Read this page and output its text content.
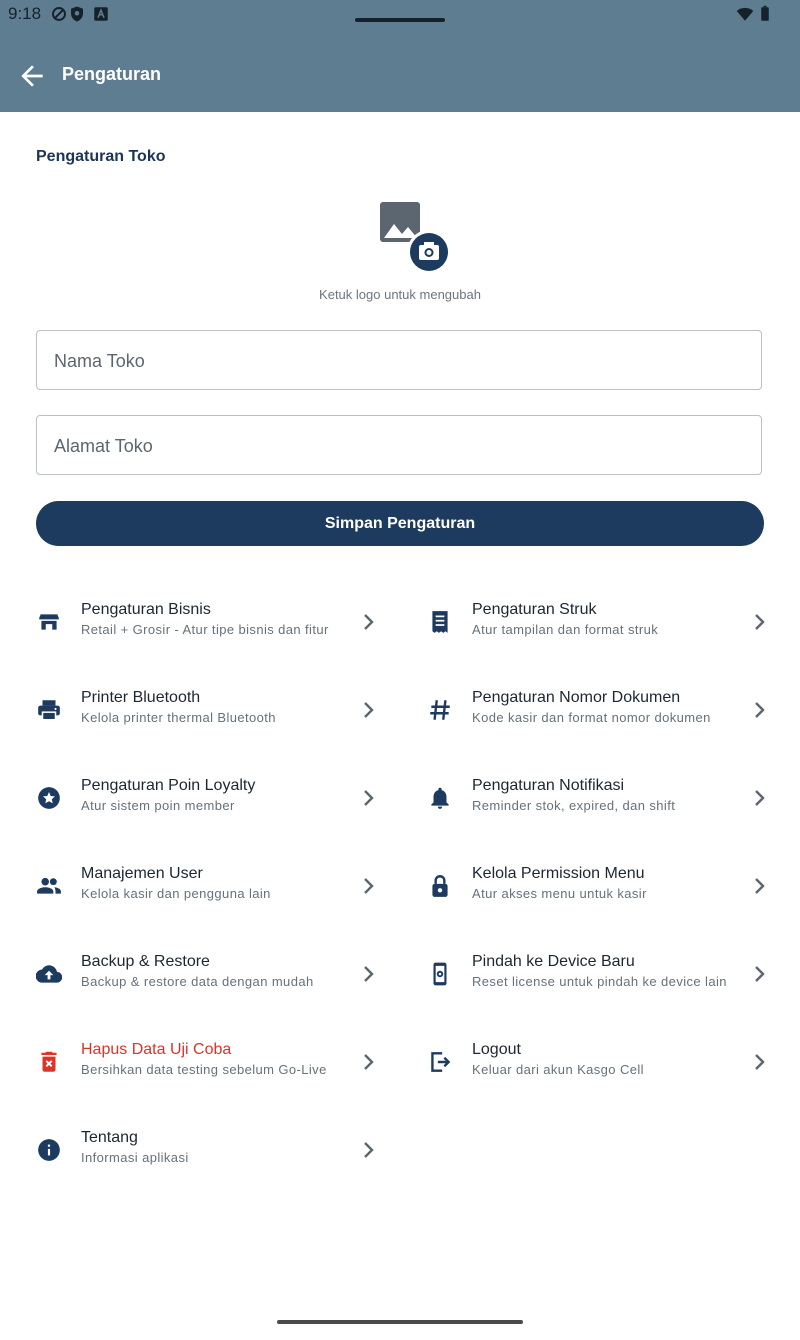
9:18
Pengaturan
Pengaturan Toko
Ketuk logo untuk mengubah
Nama Toko
Alamat Toko
Simpan Pengaturan
Pengaturan Bisnis
Retail + Grosir - Atur tipe bisnis dan fitur
Pengaturan Struk
Atur tampilan dan format struk
Printer Bluetooth
Kelola printer thermal Bluetooth
Pengaturan Nomor Dokumen
Kode kasir dan format nomor dokumen
Pengaturan Poin Loyalty
Atur sistem poin member
Pengaturan Notifikasi
Reminder stok, expired, dan shift
Manajemen User
Kelola kasir dan pengguna lain
Kelola Permission Menu
Atur akses menu untuk kasir
Backup & Restore
Backup & restore data dengan mudah
Pindah ke Device Baru
Reset license untuk pindah ke device lain
Hapus Data Uji Coba
Bersihkan data testing sebelum Go-Live
Logout
Keluar dari akun Kasgo Cell
Tentang
Informasi aplikasi
